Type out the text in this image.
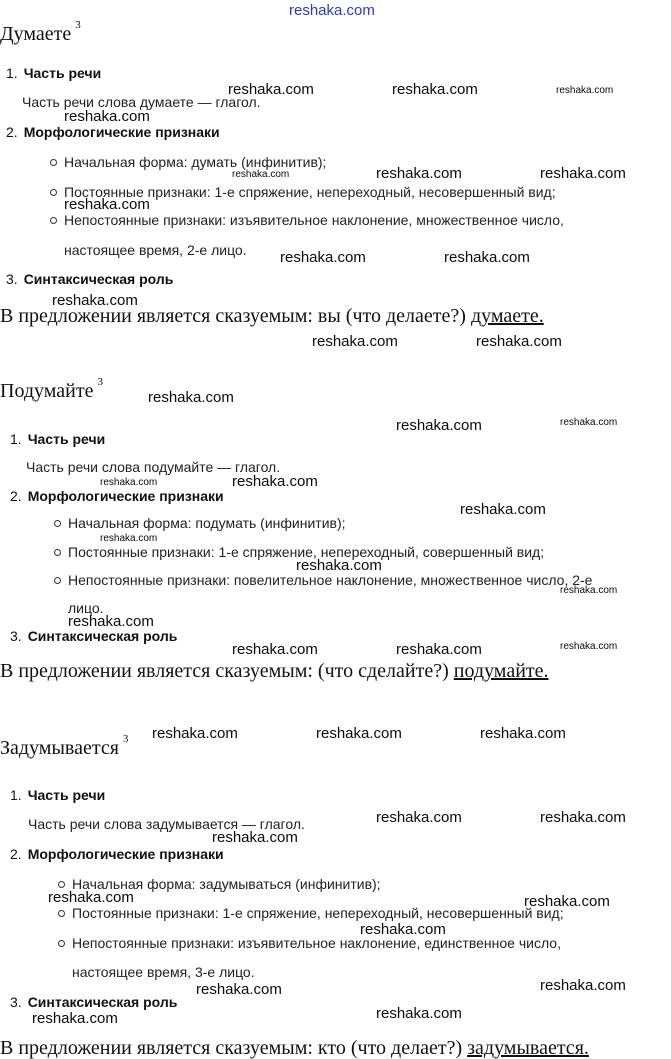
reshaka.com
Думаете $^3$
1. Часть речи
Часть речи слова думаете — глагол.
2. Морфологические признаки
Начальная форма: думать (инфинитив);
Постоянные признаки: 1-е спряжение, непереходный, несовершенный вид;
Непостоянные признаки: изъявительное наклонение, множественное число,
настоящее время, 2-е лицо.
3. Синтаксическая роль
В предложении является сказуемым: вы (что делаете?) думаете.
Подумайте $^3$
1. Часть речи
Часть речи слова подумайте — глагол.
2. Морфологические признаки
Начальная форма: подумать (инфинитив);
Постоянные признаки: 1-е спряжение, непереходный, совершенный вид;
Непостоянные признаки: повелительное наклонение, множественное число, 2-е
лицо.
3. Синтаксическая роль
В предложении является сказуемым: (что сделайте?) подумайте.
Задумывается $^3$
1. Часть речи
Часть речи слова задумывается — глагол.
2. Морфологические признаки
Начальная форма: задумываться (инфинитив);
Постоянные признаки: 1-е спряжение, непереходный, несовершенный вид;
Непостоянные признаки: изъявительное наклонение, единственное число,
настоящее время, 3-е лицо.
3. Синтаксическая роль
В предложении является сказуемым: кто (что делает?) задумывается.
reshaka.com	reshaka.com	reshaka.com
reshaka.com
reshaka.com	reshaka.com	reshaka.com
reshaka.com
reshaka.com	reshaka.com
reshaka.com
reshaka.com	reshaka.com
reshaka.com
reshaka.com	reshaka.com
reshaka.com	reshaka.com
reshaka.com
reshaka.com
reshaka.com
reshaka.com
reshaka.com
reshaka.com	reshaka.com	reshaka.com
reshaka.com	reshaka.com	reshaka.com
reshaka.com	reshaka.com
reshaka.com
reshaka.com	reshaka.com
reshaka.com
reshaka.com	reshaka.com
reshaka.com	reshaka.com
